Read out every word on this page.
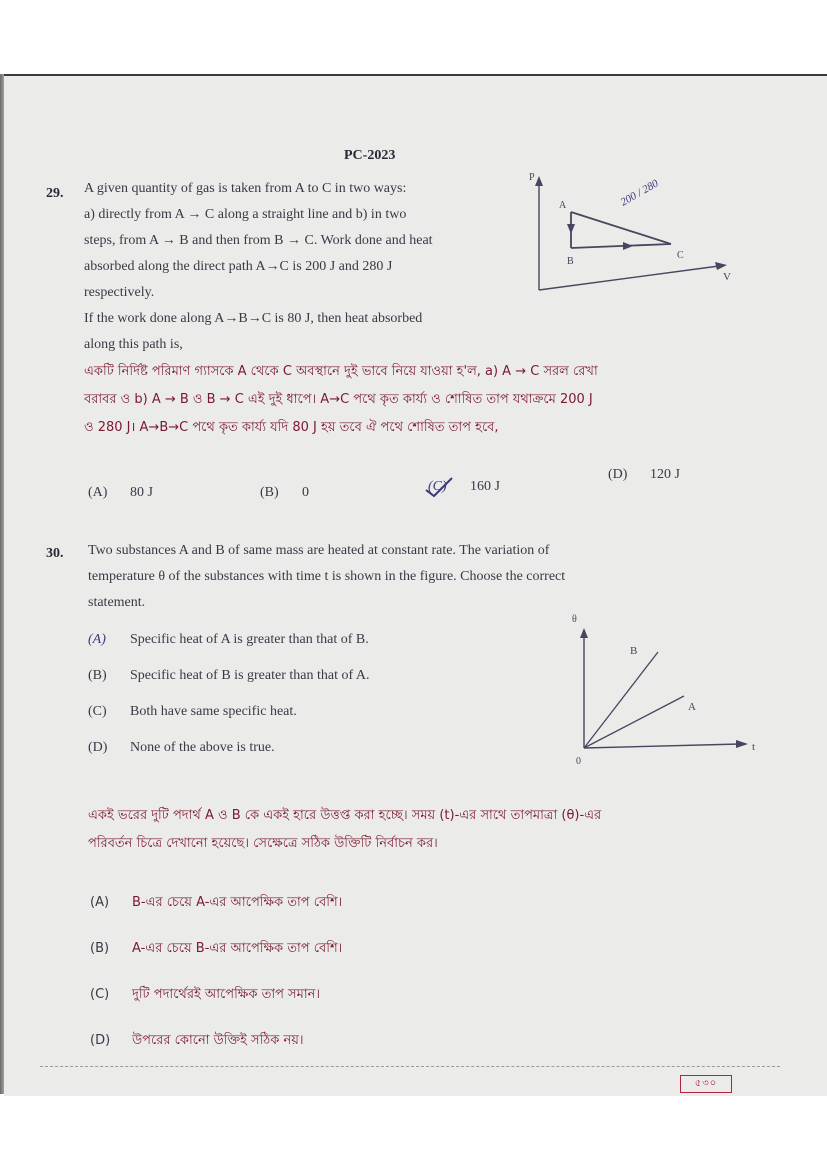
PC-2023
29. A given quantity of gas is taken from A to C in two ways:
a) directly from A → C along a straight line and b) in two
steps, from A → B and then from B → C. Work done and heat
absorbed along the direct path A→C is 200 J and 280 J
respectively.
If the work done along A→B→C is 80 J, then heat absorbed
along this path is,
P
V
A
B
C
200 / 280
একটি নির্দিষ্ট পরিমাণ গ্যাসকে A থেকে C অবস্থানে দুই ভাবে নিয়ে যাওয়া হ'ল, a) A → C সরল রেখা
বরাবর ও b) A → B ও B → C এই দুই ধাপে। A→C পথে কৃত কার্য্য ও শোষিত তাপ যথাক্রমে 200 J
ও 280 J। A→B→C পথে কৃত কার্য্য যদি 80 J হয় তবে ঐ পথে শোষিত তাপ হবে,
(A) 80 J	(B) 0	(C) 160 J
(D) 120 J
30. Two substances A and B of same mass are heated at constant rate. The variation of
temperature θ of the substances with time t is shown in the figure. Choose the correct
statement.
(A) Specific heat of A is greater than that of B.
(B) Specific heat of B is greater than that of A.
(C) Both have same specific heat.
(D) None of the above is true.
θ
t
0
B
A
একই ভরের দুটি পদার্থ A ও B কে একই হারে উত্তপ্ত করা হচ্ছে। সময় (t)-এর সাথে তাপমাত্রা (θ)-এর
পরিবর্তন চিত্রে দেখানো হয়েছে। সেক্ষেত্রে সঠিক উক্তিটি নির্বাচন কর।
(A) B-এর চেয়ে A-এর আপেক্ষিক তাপ বেশি।
(B) A-এর চেয়ে B-এর আপেক্ষিক তাপ বেশি।
(C) দুটি পদার্থেরই আপেক্ষিক তাপ সমান।
(D) উপরের কোনো উক্তিই সঠিক নয়।
৫৩০
